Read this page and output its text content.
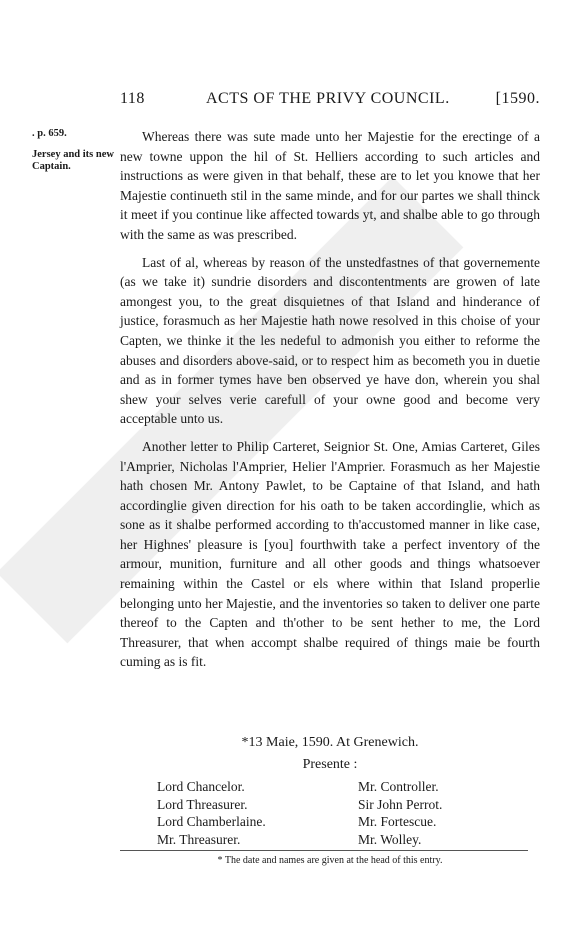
118	ACTS OF THE PRIVY COUNCIL.	[1590.
. p. 659.
Jersey and its new Captain.

Whereas there was sute made unto her Majestie for the erectinge of a new towne uppon the hil of St. Helliers according to such articles and instructions as were given in that behalf, these are to let you knowe that her Majestie continueth stil in the same minde, and for our partes we shall thinck it meet if you continue like affected towards yt, and shalbe able to go through with the same as was prescribed.

Last of al, whereas by reason of the unstedfastnes of that governemente (as we take it) sundrie disorders and discontentments are growen of late amongest you, to the great disquietnes of that Island and hinderance of justice, forasmuch as her Majestie hath nowe resolved in this choise of your Capten, we thinke it the les nedeful to admonish you either to reforme the abuses and disorders above-said, or to respect him as becometh you in duetie and as in former tymes have ben observed ye have don, wherein you shal shew your selves verie carefull of your owne good and become very acceptable unto us.

Another letter to Philip Carteret, Seignior St. One, Amias Carteret, Giles l'Amprier, Nicholas l'Amprier, Helier l'Amprier. Forasmuch as her Majestie hath chosen Mr. Antony Pawlet, to be Captaine of that Island, and hath accordinglie given direction for his oath to be taken accordinglie, which as sone as it shalbe performed according to th'accustomed manner in like case, her Highnes' pleasure is [you] fourthwith take a perfect inventory of the armour, munition, furniture and all other goods and things whatsoever remaining within the Castel or els where within that Island properlie belonging unto her Majestie, and the inventories so taken to deliver one parte thereof to the Capten and th'other to be sent hether to me, the Lord Threasurer, that when accompt shalbe required of things maie be fourth cuming as is fit.

*13 Maie, 1590. At Grenewich.
Presente :
Lord Chancelor.	Mr. Controller.
Lord Threasurer.	Sir John Perrot.
Lord Chamberlaine.	Mr. Fortescue.
Mr. Threasurer.	Mr. Wolley.
* The date and names are given at the head of this entry.
